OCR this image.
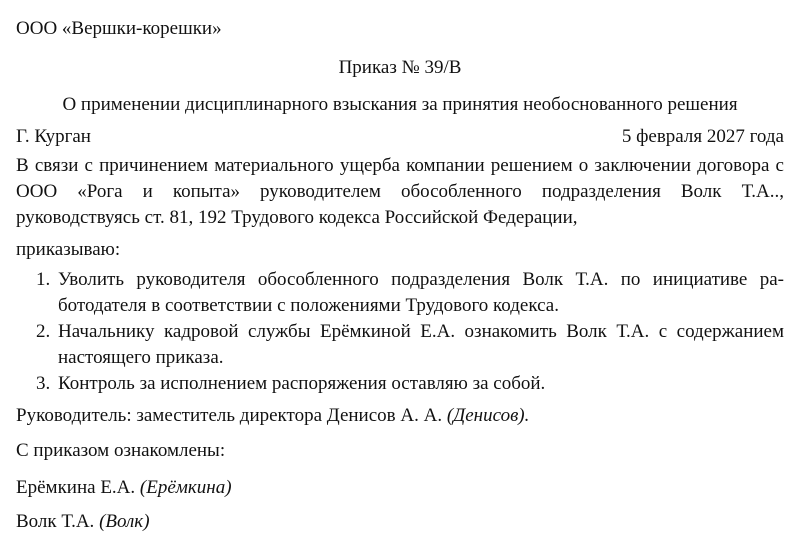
ООО «Вершки-корешки»

Приказ № 39/В

О применении дисциплинарного взыскания за принятия необоснованного решения

Г. Курган	5 февраля 2027 года

В связи с причинением материального ущерба компании решением о заключении договора с ООО «Рога и копыта» руководителем обособленного подразделения Волк Т.А.., руководствуясь ст. 81, 192 Трудового кодекса Российской Федерации,

приказываю:

1. Уволить руководителя обособленного подразделения Волк Т.А. по инициативе работодателя в соответствии с положениями Трудового кодекса.
2. Начальнику кадровой службы Ерёмкиной Е.А. ознакомить Волк Т.А. с содержанием настоящего приказа.
3. Контроль за исполнением распоряжения оставляю за собой.

Руководитель: заместитель директора Денисов А. А. (Денисов).

С приказом ознакомлены:

Ерёмкина Е.А. (Ерёмкина)

Волк Т.А. (Волк)
